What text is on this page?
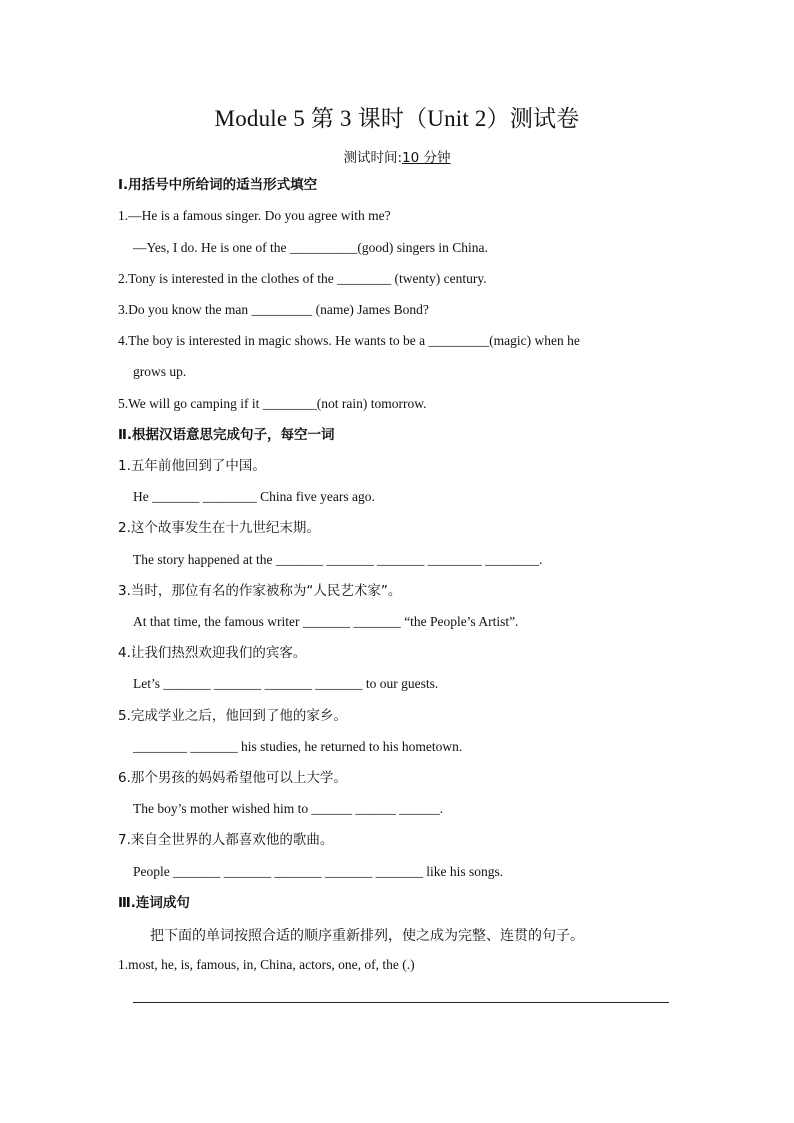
Module 5 第 3 课时（Unit 2）测试卷
测试时间:10 分钟
Ⅰ.用括号中所给词的适当形式填空
1.—He is a famous singer. Do you agree with me?
—Yes, I do. He is one of the __________(good) singers in China.
2.Tony is interested in the clothes of the ________ (twenty) century.
3.Do you know the man _________ (name) James Bond?
4.The boy is interested in magic shows. He wants to be a _________(magic) when he
grows up.
5.We will go camping if it ________(not rain) tomorrow.
Ⅱ.根据汉语意思完成句子，每空一词
1.五年前他回到了中国。
He _______ ________ China five years ago.
2.这个故事发生在十九世纪末期。
The story happened at the _______ _______ _______ ________ ________.
3.当时，那位有名的作家被称为“人民艺术家”。
At that time, the famous writer _______ _______ “the People’s Artist”.
4.让我们热烈欢迎我们的宾客。
Let’s _______ _______ _______ _______ to our guests.
5.完成学业之后，他回到了他的家乡。
________ _______ his studies, he returned to his hometown.
6.那个男孩的妈妈希望他可以上大学。
The boy’s mother wished him to ______ ______ ______.
7.来自全世界的人都喜欢他的歌曲。
People _______ _______ _______ _______ _______ like his songs.
Ⅲ.连词成句
把下面的单词按照合适的顺序重新排列，使之成为完整、连贯的句子。
1.most, he, is, famous, in, China, actors, one, of, the (.)
